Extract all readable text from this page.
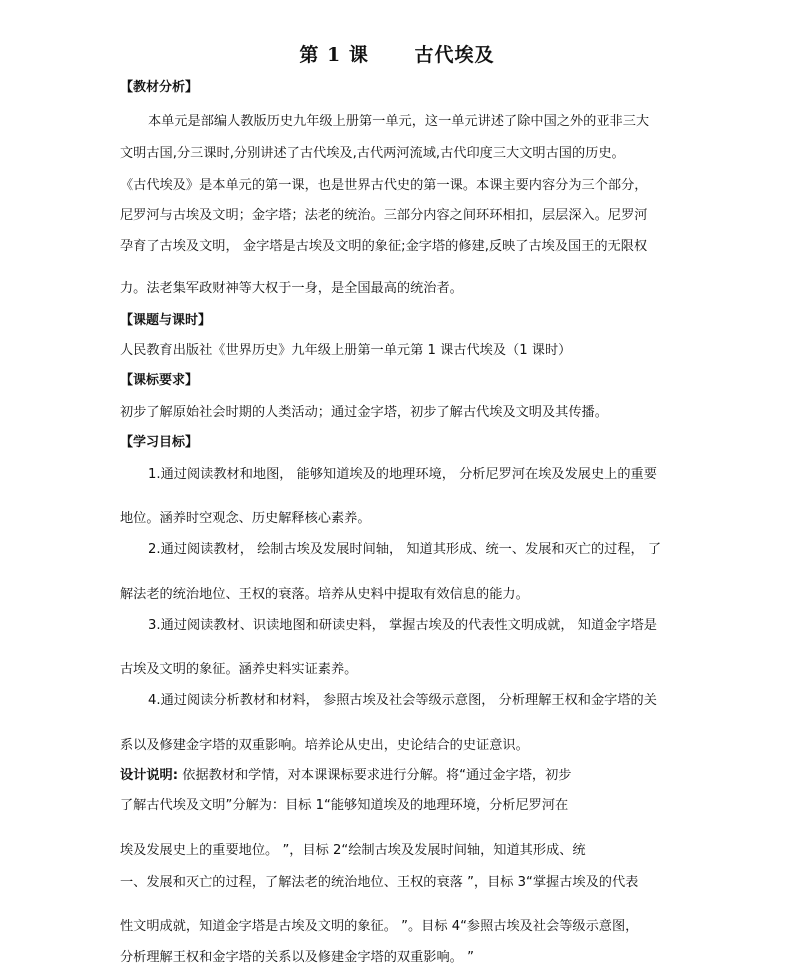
第 1 课      古代埃及
【教材分析】
本单元是部编人教版历史九年级上册第一单元，这一单元讲述了除中国之外的亚非三大
文明古国,分三课时,分别讲述了古代埃及,古代两河流域,古代印度三大文明古国的历史。
《古代埃及》是本单元的第一课，也是世界古代史的第一课。本课主要内容分为三个部分，
尼罗河与古埃及文明；金字塔；法老的统治。三部分内容之间环环相扣，层层深入。尼罗河
孕育了古埃及文明， 金字塔是古埃及文明的象征;金字塔的修建,反映了古埃及国王的无限权
力。法老集军政财神等大权于一身，是全国最高的统治者。
【课题与课时】
人民教育出版社《世界历史》九年级上册第一单元第 1 课古代埃及（1 课时）
【课标要求】
初步了解原始社会时期的人类活动；通过金字塔，初步了解古代埃及文明及其传播。
【学习目标】
1.通过阅读教材和地图， 能够知道埃及的地理环境， 分析尼罗河在埃及发展史上的重要
地位。涵养时空观念、历史解释核心素养。
2.通过阅读教材， 绘制古埃及发展时间轴， 知道其形成、统一、发展和灭亡的过程， 了
解法老的统治地位、王权的衰落。培养从史料中提取有效信息的能力。
3.通过阅读教材、识读地图和研读史料， 掌握古埃及的代表性文明成就， 知道金字塔是
古埃及文明的象征。涵养史料实证素养。
4.通过阅读分析教材和材料， 参照古埃及社会等级示意图， 分析理解王权和金字塔的关
系以及修建金字塔的双重影响。培养论从史出，史论结合的史证意识。
设计说明: 依据教材和学情，对本课课标要求进行分解。将“通过金字塔，初步
了解古代埃及文明”分解为：目标 1“能够知道埃及的地理环境，分析尼罗河在
埃及发展史上的重要地位。 ”，目标 2“绘制古埃及发展时间轴，知道其形成、统
一、发展和灭亡的过程，了解法老的统治地位、王权的衰落 ”，目标 3“掌握古埃及的代表
性文明成就，知道金字塔是古埃及文明的象征。 ”。目标 4“参照古埃及社会等级示意图，
分析理解王权和金字塔的关系以及修建金字塔的双重影响。 ”
